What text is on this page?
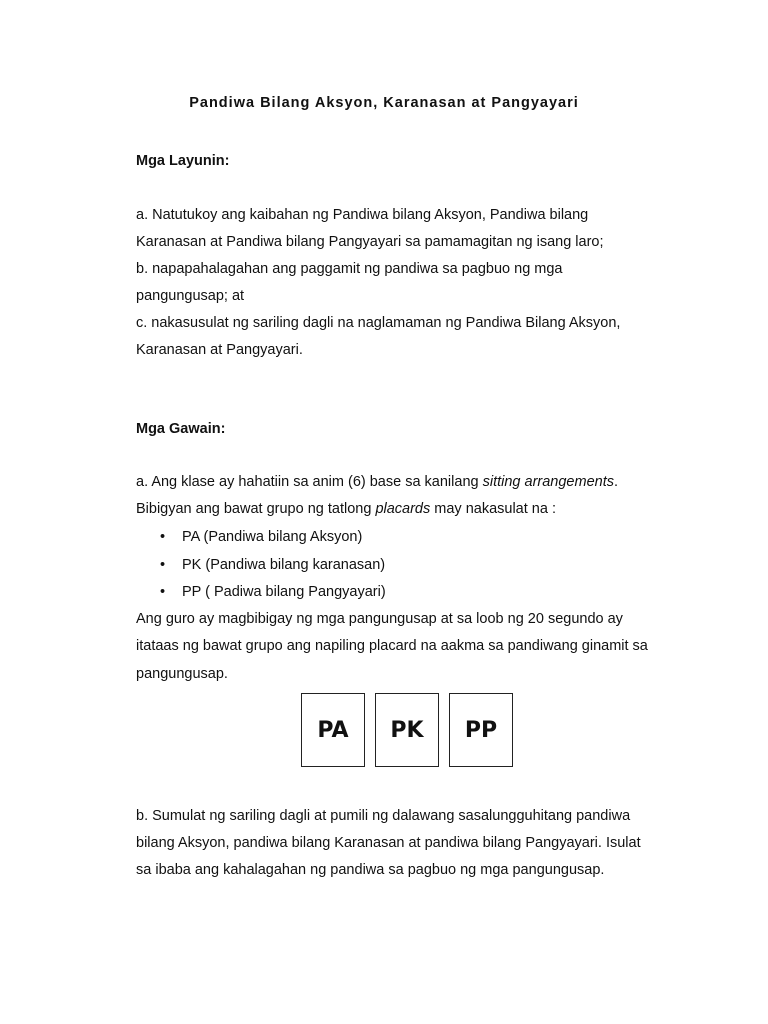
Pandiwa Bilang Aksyon, Karanasan at Pangyayari
Mga Layunin:
a. Natutukoy ang kaibahan ng Pandiwa bilang Aksyon, Pandiwa bilang
Karanasan at Pandiwa bilang Pangyayari sa pamamagitan ng isang laro;
b. napapahalagahan ang paggamit ng pandiwa sa pagbuo ng mga
pangungusap; at
c. nakasusulat ng sariling dagli na naglamaman ng Pandiwa Bilang Aksyon,
Karanasan at Pangyayari.
Mga Gawain:
a. Ang klase ay hahatiin sa anim (6) base sa kanilang sitting arrangements.
Bibigyan ang bawat grupo ng tatlong placards may nakasulat na :
• PA (Pandiwa bilang Aksyon)
• PK (Pandiwa bilang karanasan)
• PP ( Padiwa bilang Pangyayari)
Ang guro ay magbibigay ng mga pangungusap at sa loob ng 20 segundo ay
itataas ng bawat grupo ang napiling placard na aakma sa pandiwang ginamit sa
pangungusap.
PA	PK	PP
b. Sumulat ng sariling dagli at pumili ng dalawang sasalungguhitang pandiwa
bilang Aksyon, pandiwa bilang Karanasan at pandiwa bilang Pangyayari. Isulat
sa ibaba ang kahalagahan ng pandiwa sa pagbuo ng mga pangungusap.
